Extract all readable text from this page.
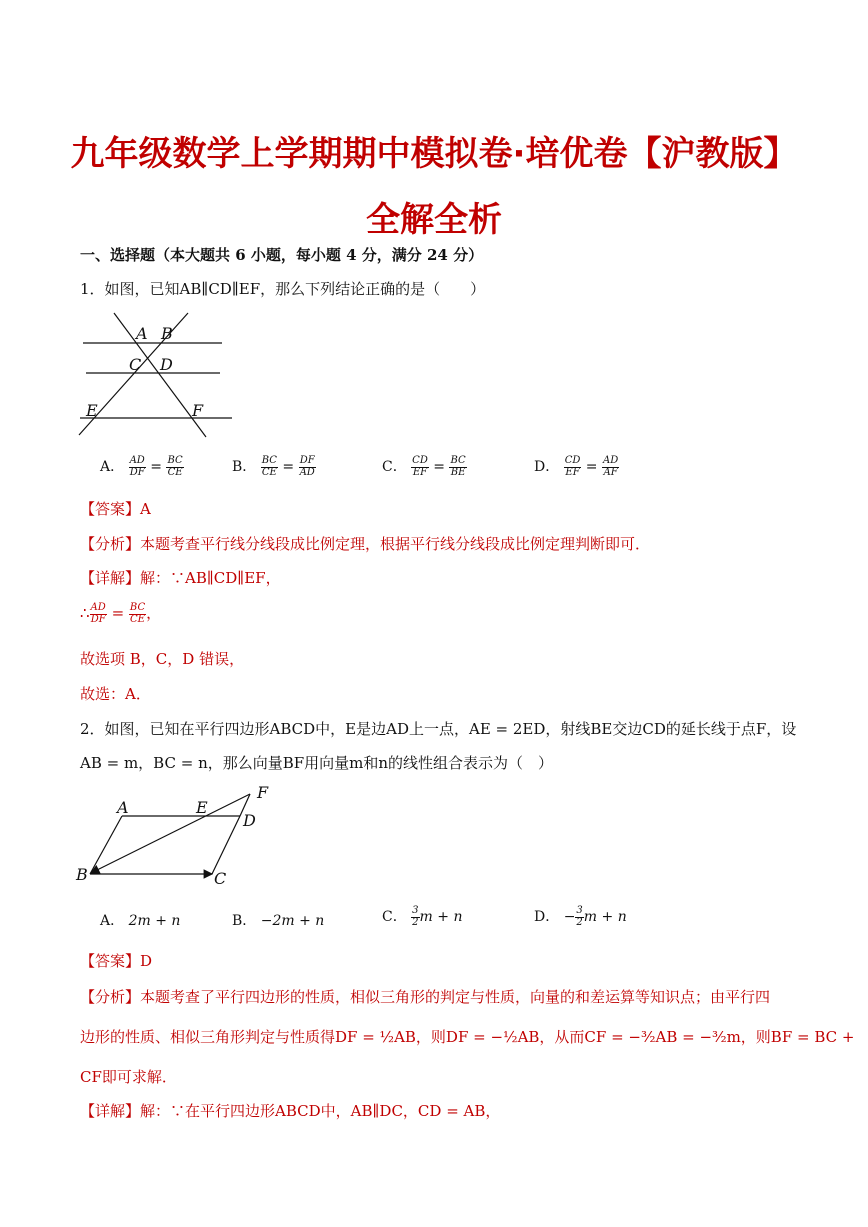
九年级数学上学期期中模拟卷·培优卷【沪教版】
全解全析
一、选择题（本大题共 6 小题，每小题 4 分，满分 24 分）
1．如图，已知AB∥CD∥EF，那么下列结论正确的是（　　）
A B
C D
E	F
A． $\frac{AD}{DF} = \frac{BC}{CE}$	B． $\frac{BC}{CE} = \frac{DF}{AD}$	C． $\frac{CD}{EF} = \frac{BC}{BE}$	D． $\frac{CD}{EF} = \frac{AD}{AF}$
【答案】A
【分析】本题考查平行线分线段成比例定理，根据平行线分线段成比例定理判断即可．
【详解】解：∵AB∥CD∥EF，
∴ $\frac{AD}{DF} = \frac{BC}{CE}$ ，
故选项 B，C，D 错误，
故选：A．
2．如图，已知在平行四边形ABCD中，E是边AD上一点，AE = 2ED，射线BE交边CD的延长线于点F，设
AB = m，BC = n，那么向量BF用向量m和n的线性组合表示为（　）
A	E
F
D
B	C
A． 2m + n	B． −2m + n	C． $\frac{3}{2}$ m + n	D． − $\frac{3}{2}$ m + n
【答案】D
【分析】本题考查了平行四边形的性质，相似三角形的判定与性质，向量的和差运算等知识点；由平行四
边形的性质、相似三角形判定与性质得DF = ½AB，则DF = −½AB，从而CF = −³⁄₂AB = −³⁄₂m，则BF = BC +
CF即可求解．
【详解】解：∵在平行四边形ABCD中，AB∥DC，CD = AB，
